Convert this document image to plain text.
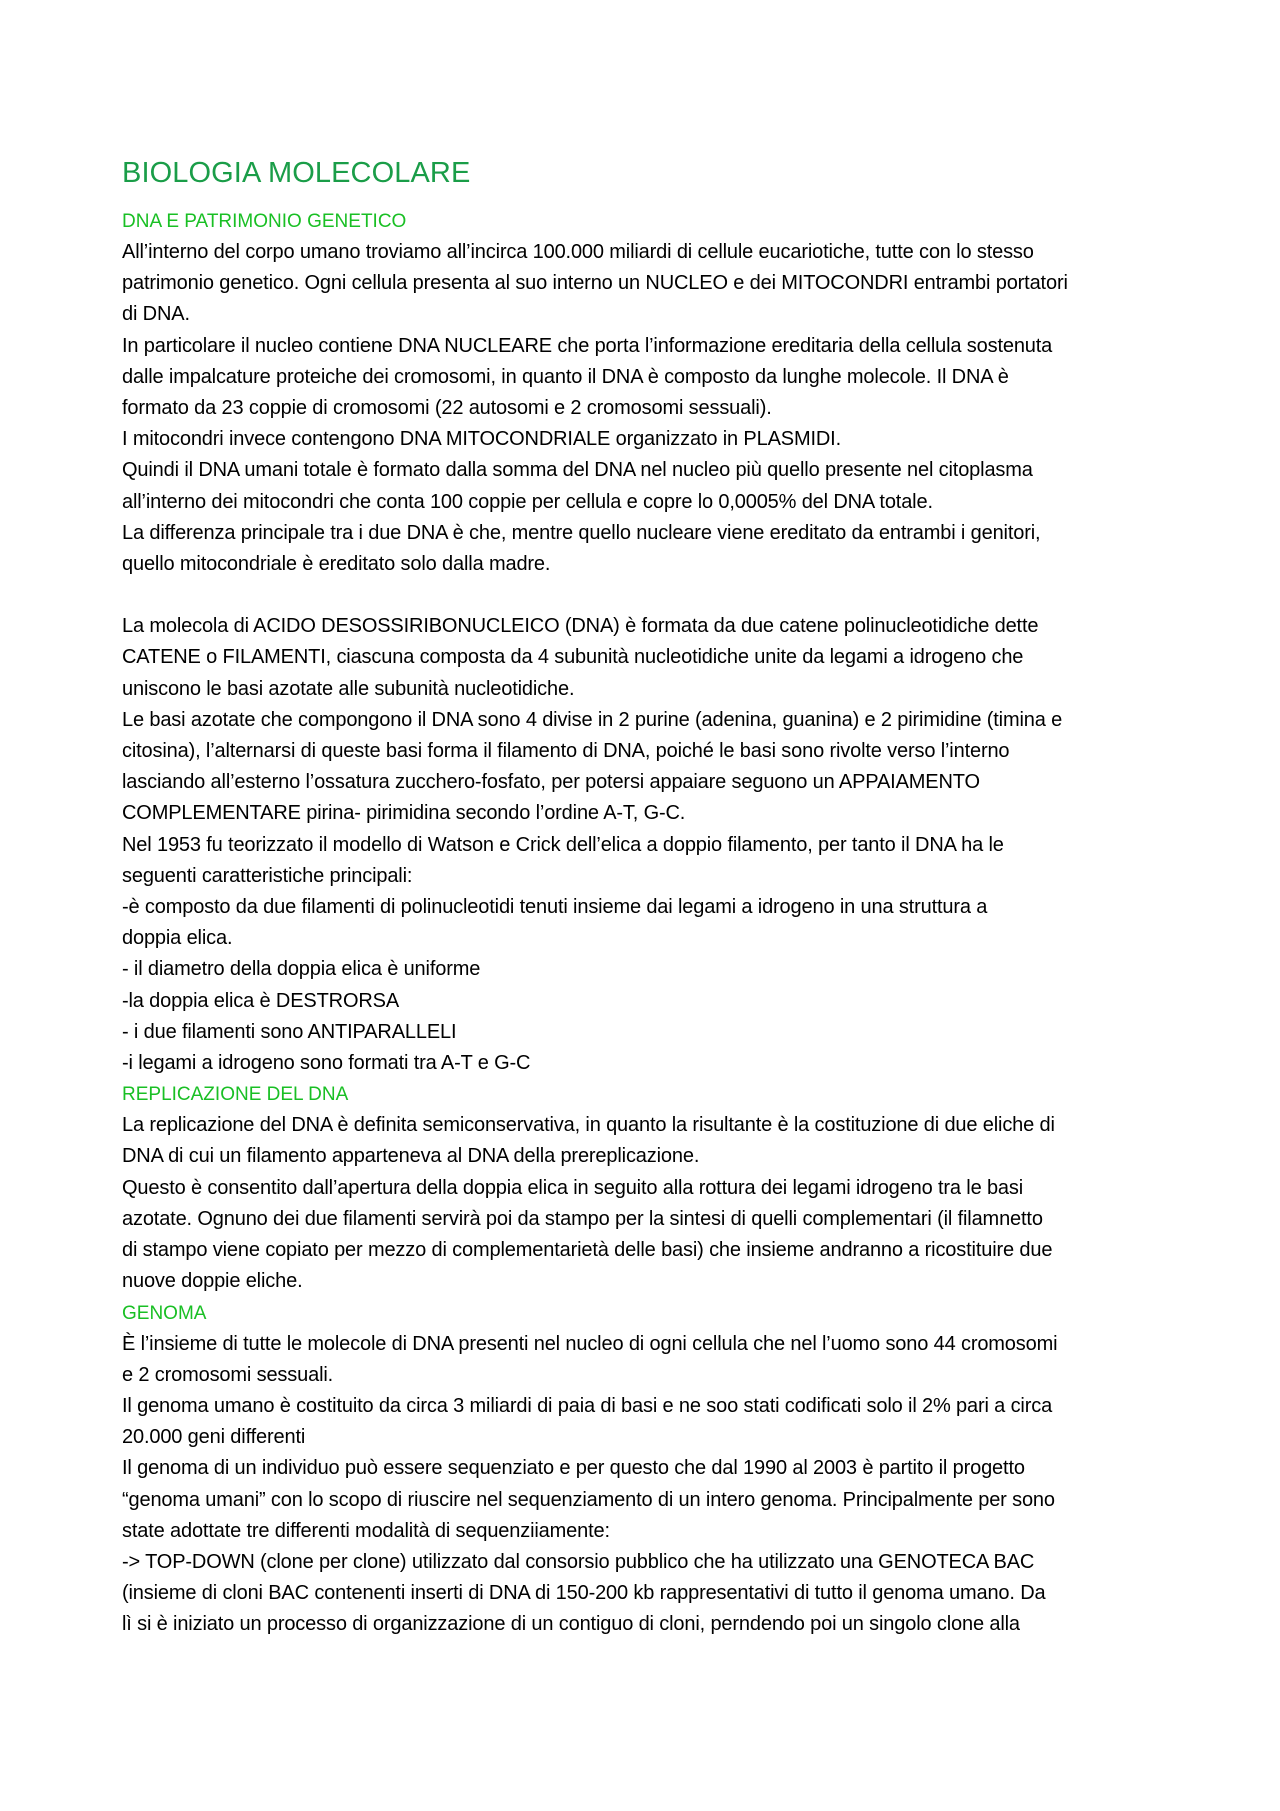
BIOLOGIA MOLECOLARE
DNA E PATRIMONIO GENETICO
All’interno del corpo umano troviamo all’incirca 100.000 miliardi di cellule eucariotiche, tutte con lo stesso
patrimonio genetico. Ogni cellula presenta al suo interno un NUCLEO e dei MITOCONDRI entrambi portatori
di DNA.
In particolare il nucleo contiene DNA NUCLEARE che porta l’informazione ereditaria della cellula sostenuta
dalle impalcature proteiche dei cromosomi, in quanto il DNA è composto da lunghe molecole. Il DNA è
formato da 23 coppie di cromosomi (22 autosomi e 2 cromosomi sessuali).
I mitocondri invece contengono DNA MITOCONDRIALE organizzato in PLASMIDI.
Quindi il DNA umani totale è formato dalla somma del DNA nel nucleo più quello presente nel citoplasma
all’interno dei mitocondri che conta 100 coppie per cellula e copre lo 0,0005% del DNA totale.
La differenza principale tra i due DNA è che, mentre quello nucleare viene ereditato da entrambi i genitori,
quello mitocondriale è ereditato solo dalla madre.
La molecola di ACIDO DESOSSIRIBONUCLEICO (DNA) è formata da due catene polinucleotidiche dette
CATENE o FILAMENTI, ciascuna composta da 4 subunità nucleotidiche unite da legami a idrogeno che
uniscono le basi azotate alle subunità nucleotidiche.
Le basi azotate che compongono il DNA sono 4 divise in 2 purine (adenina, guanina) e 2 pirimidine (timina e
citosina), l’alternarsi di queste basi forma il filamento di DNA, poiché le basi sono rivolte verso l’interno
lasciando all’esterno l’ossatura zucchero-fosfato, per potersi appaiare seguono un APPAIAMENTO
COMPLEMENTARE pirina- pirimidina secondo l’ordine A-T, G-C.
Nel 1953 fu teorizzato il modello di Watson e Crick dell’elica a doppio filamento, per tanto il DNA ha le
seguenti caratteristiche principali:
-è composto da due filamenti di polinucleotidi tenuti insieme dai legami a idrogeno in una struttura a
doppia elica.
- il diametro della doppia elica è uniforme
-la doppia elica è DESTRORSA
- i due filamenti sono ANTIPARALLELI
-i legami a idrogeno sono formati tra A-T e G-C
REPLICAZIONE DEL DNA
La replicazione del DNA è definita semiconservativa, in quanto la risultante è la costituzione di due eliche di
DNA di cui un filamento apparteneva al DNA della prereplicazione.
Questo è consentito dall’apertura della doppia elica in seguito alla rottura dei legami idrogeno tra le basi
azotate. Ognuno dei due filamenti servirà poi da stampo per la sintesi di quelli complementari (il filamnetto
di stampo viene copiato per mezzo di complementarietà delle basi) che insieme andranno a ricostituire due
nuove doppie eliche.
GENOMA
È l’insieme di tutte le molecole di DNA presenti nel nucleo di ogni cellula che nel l’uomo sono 44 cromosomi
e 2 cromosomi sessuali.
Il genoma umano è costituito da circa 3 miliardi di paia di basi e ne soo stati codificati solo il 2% pari a circa
20.000 geni differenti
Il genoma di un individuo può essere sequenziato e per questo che dal 1990 al 2003 è partito il progetto
“genoma umani” con lo scopo di riuscire nel sequenziamento di un intero genoma. Principalmente per sono
state adottate tre differenti modalità di sequenziiamente:
-> TOP-DOWN (clone per clone) utilizzato dal consorsio pubblico che ha utilizzato una GENOTECA BAC
(insieme di cloni BAC contenenti inserti di DNA di 150-200 kb rappresentativi di tutto il genoma umano. Da
lì si è iniziato un processo di organizzazione di un contiguo di cloni, perndendo poi un singolo clone alla
